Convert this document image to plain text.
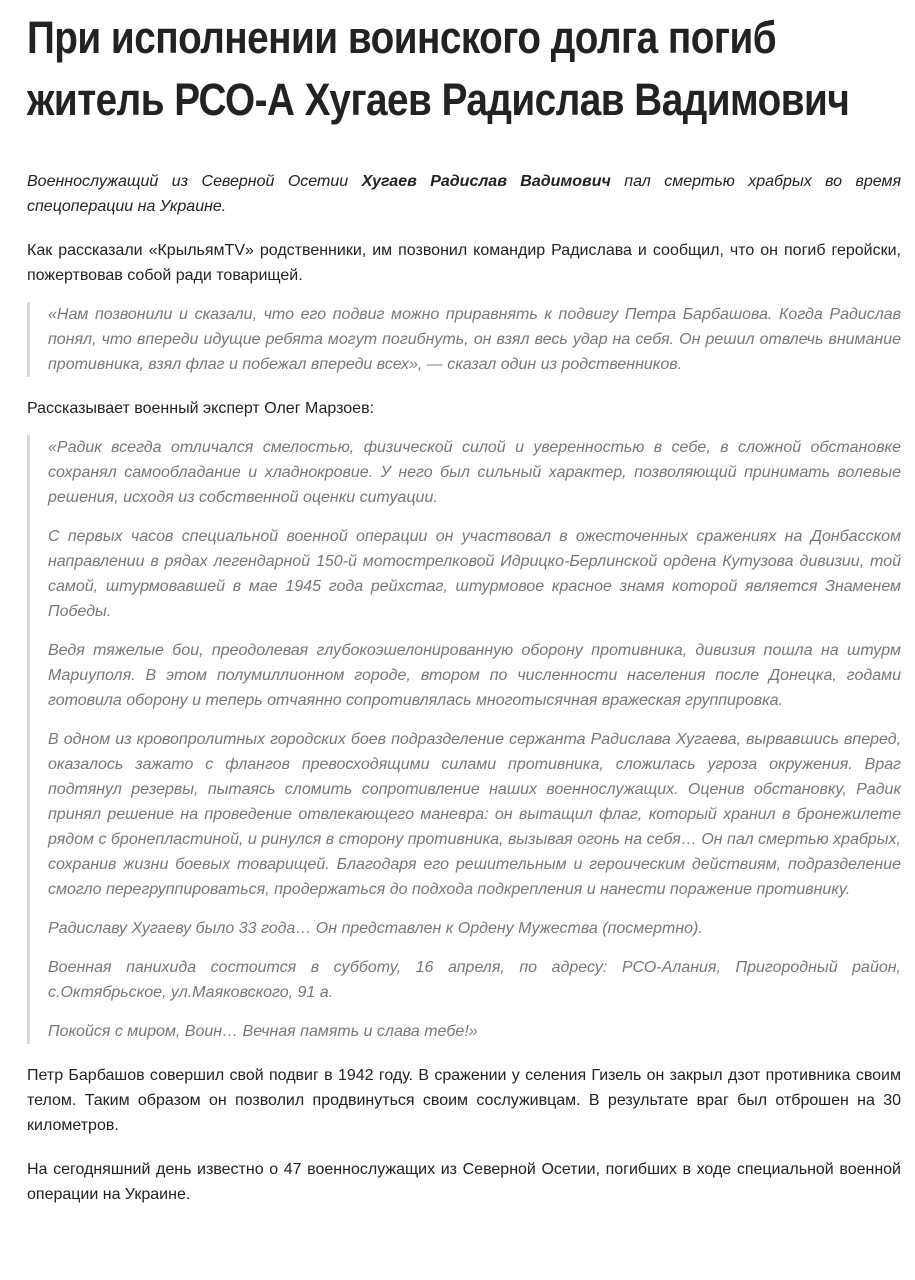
При исполнении воинского долга погиб житель РСО-А Хугаев Радислав Вадимович

Военнослужащий из Северной Осетии Хугаев Радислав Вадимович пал смертью храбрых во время спецоперации на Украине.

Как рассказали «КрыльямTV» родственники, им позвонил командир Радислава и сообщил, что он погиб геройски, пожертвовав собой ради товарищей.

«Нам позвонили и сказали, что его подвиг можно приравнять к подвигу Петра Барбашова. Когда Радислав понял, что впереди идущие ребята могут погибнуть, он взял весь удар на себя. Он решил отвлечь внимание противника, взял флаг и побежал впереди всех», — сказал один из родственников.

Рассказывает военный эксперт Олег Марзоев:

«Радик всегда отличался смелостью, физической силой и уверенностью в себе, в сложной обстановке сохранял самообладание и хладнокровие. У него был сильный характер, позволяющий принимать волевые решения, исходя из собственной оценки ситуации.

С первых часов специальной военной операции он участвовал в ожесточенных сражениях на Донбасском направлении в рядах легендарной 150-й мотострелковой Идрицко-Берлинской ордена Кутузова дивизии, той самой, штурмовавшей в мае 1945 года рейхстаг, штурмовое красное знамя которой является Знаменем Победы.

Ведя тяжелые бои, преодолевая глубокоэшелонированную оборону противника, дивизия пошла на штурм Мариуполя. В этом полумиллионном городе, втором по численности населения после Донецка, годами готовила оборону и теперь отчаянно сопротивлялась многотысячная вражеская группировка.

В одном из кровопролитных городских боев подразделение сержанта Радислава Хугаева, вырвавшись вперед, оказалось зажато с флангов превосходящими силами противника, сложилась угроза окружения. Враг подтянул резервы, пытаясь сломить сопротивление наших военнослужащих. Оценив обстановку, Радик принял решение на проведение отвлекающего маневра: он вытащил флаг, который хранил в бронежилете рядом с бронепластиной, и ринулся в сторону противника, вызывая огонь на себя… Он пал смертью храбрых, сохранив жизни боевых товарищей. Благодаря его решительным и героическим действиям, подразделение смогло перегруппироваться, продержаться до подхода подкрепления и нанести поражение противнику.

Радиславу Хугаеву было 33 года… Он представлен к Ордену Мужества (посмертно).

Военная панихида состоится в субботу, 16 апреля, по адресу: РСО-Алания, Пригородный район, с.Октябрьское, ул.Маяковского, 91 а.

Покойся с миром, Воин… Вечная память и слава тебе!»

Петр Барбашов совершил свой подвиг в 1942 году. В сражении у селения Гизель он закрыл дзот противника своим телом. Таким образом он позволил продвинуться своим сослуживцам. В результате враг был отброшен на 30 километров.

На сегодняшний день известно о 47 военнослужащих из Северной Осетии, погибших в ходе специальной военной операции на Украине.
